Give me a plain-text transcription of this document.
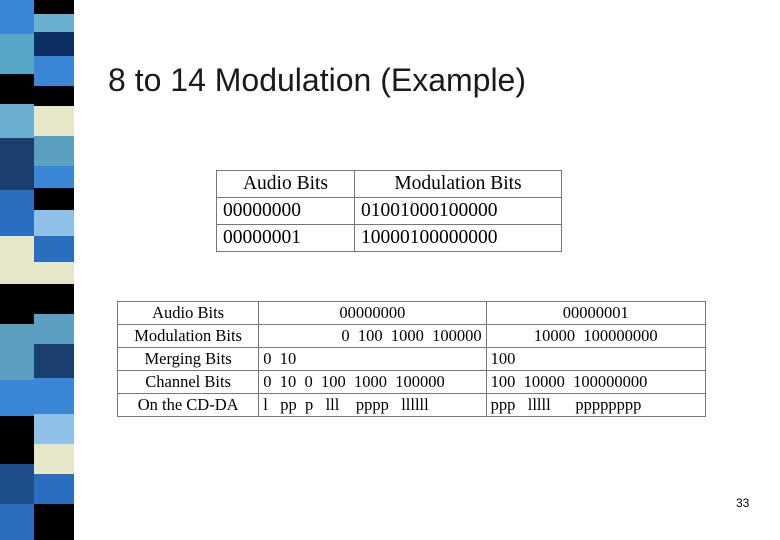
8 to 14 Modulation (Example)
Audio Bits	Modulation Bits
00000000	01001000100000
00000001	10000100000000
Audio Bits	00000000	00000001
Modulation Bits	0  100  1000  100000	10000  100000000
Merging Bits	0  10	100
Channel Bits	0  10  0  100  1000  100000	100  10000  100000000
On the CD-DA	l   pp  p   lll    pppp   llllll	ppp   lllll      pppppppp
33
